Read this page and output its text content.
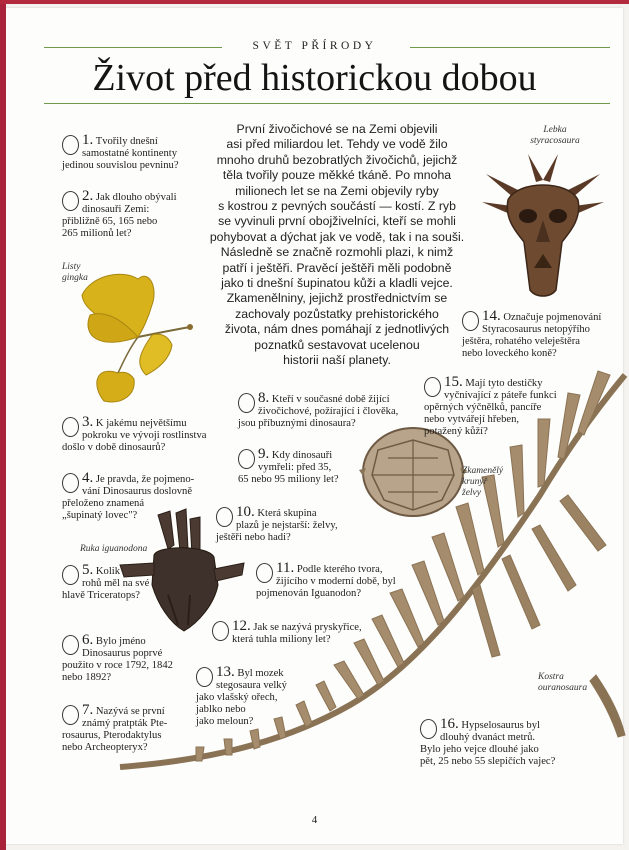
SVĚT PŘÍRODY
Život před historickou dobou
První živočichové se na Zemi objevili
asi před miliardou let. Tehdy ve vodě žilo
mnoho druhů bezobratlých živočichů, jejichž
těla tvořily pouze měkké tkáně. Po mnoha
milionech let se na Zemi objevily ryby
s kostrou z pevných součástí — kostí. Z ryb
se vyvinuli první obojživelníci, kteří se mohli
pohybovat a dýchat jak ve vodě, tak i na souši.
Následně se značně rozmohli plazi, k nimž
patří i ještěři. Pravěcí ještěři měli podobně
jako ti dnešní šupinatou kůži a kladli vejce.
Zkamenělniny, jejichž prostřednictvím se
zachovaly pozůstatky prehistorického
života, nám dnes pomáhají z jednotlivých
poznatků sestavovat ucelenou
historii naší planety.
Lebka
styracosaura
Listy
gingka
Ruka iguanodona
Zkamenělý
krunýř
želvy
Kostra
ouranosaura
1. Tvořily dnešní
samostatné kontinenty
jedinou souvislou pevninu?
2. Jak dlouho obývali
dinosauři Zemi:
přibližně 65, 165 nebo
265 milionů let?
3. K jakému největšímu
pokroku ve vývoji rostlinstva
došlo v době dinosaurů?
4. Je pravda, že pojmeno-
vání Dinosaurus doslovně
přeloženo znamená
„šupinatý lovec"?
5. Kolik
rohů měl na své
hlavě Triceratops?
6. Bylo jméno
Dinosaurus poprvé
použito v roce 1792, 1842
nebo 1892?
7. Nazývá se první
známý pratpták Pte-
rosaurus, Pterodaktylus
nebo Archeopteryx?
8. Kteří v současné době žijící
živočichové, požírající i člověka,
jsou příbuznými dinosaura?
9. Kdy dinosauři
vymřeli: před 35,
65 nebo 95 miliony let?
10. Která skupina
plazů je nejstarší: želvy,
ještěři nebo hadi?
11. Podle kterého tvora,
žijícího v moderní době, byl
pojmenován Iguanodon?
12. Jak se nazývá pryskyřice,
která tuhla miliony let?
13. Byl mozek
stegosaura velký
jako vlašský ořech,
jablko nebo
jako meloun?
14. Označuje pojmenování
Styracosaurus netopýřího
ještěra, rohatého veleještěra
nebo loveckého koně?
15. Mají tyto destičky
vyčnívající z páteře funkci
opěrných výčnělků, pancíře
nebo vytvářejí hřeben,
potažený kůží?
16. Hypselosaurus byl
dlouhý dvanáct metrů.
Bylo jeho vejce dlouhé jako
pět, 25 nebo 55 slepičích vajec?
4
